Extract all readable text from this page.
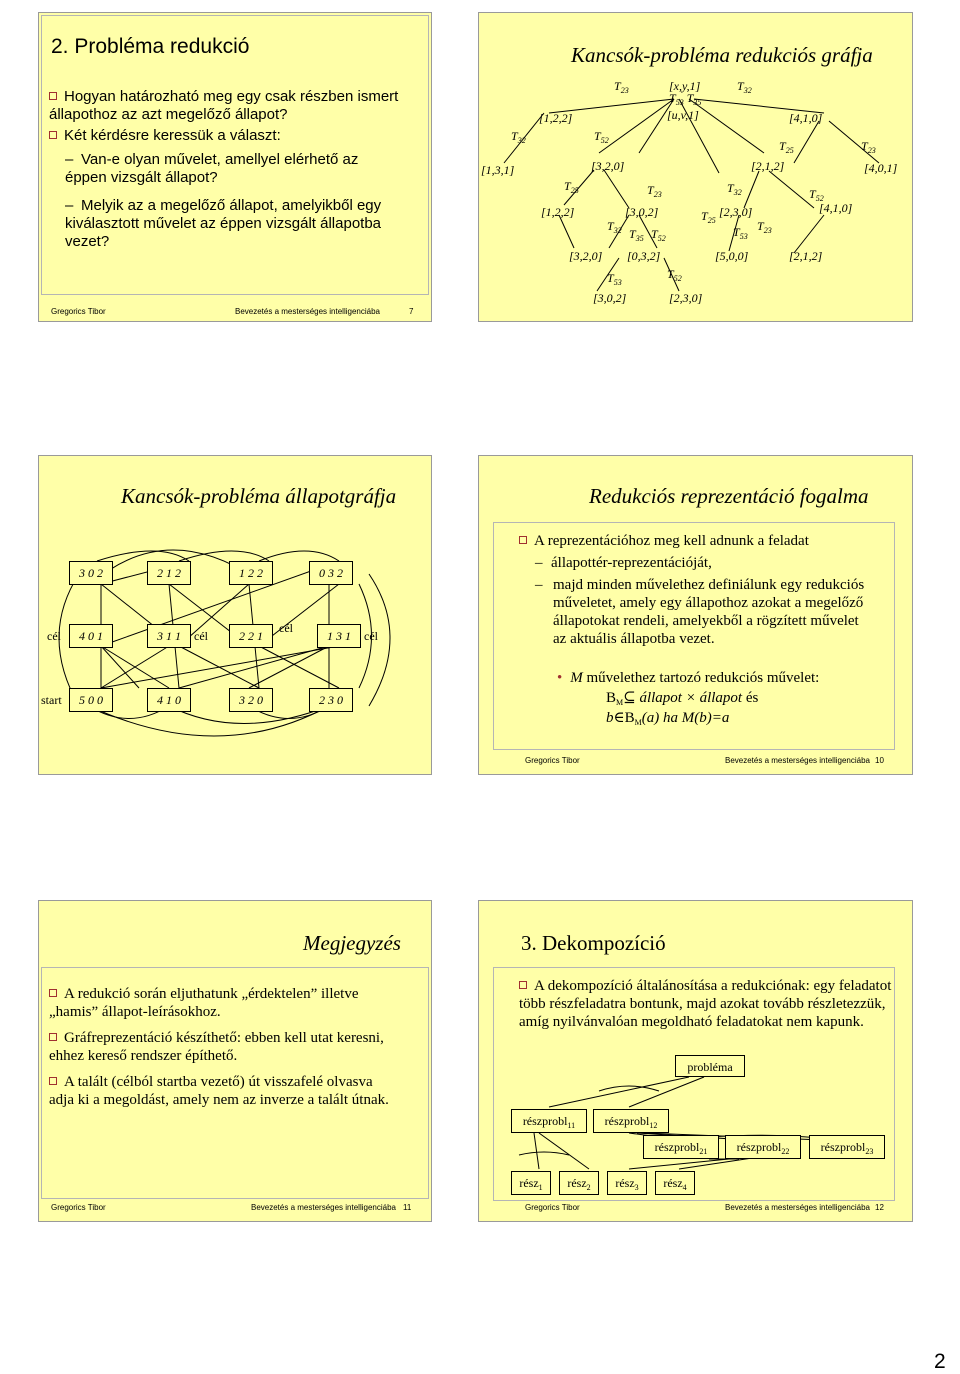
2. Probléma redukció
Hogyan határozható meg egy csak részben ismert állapothoz az azt megelőző állapot?
Két kérdésre keressük a választ:
– Van-e olyan művelet, amellyel elérhető az éppen vizsgált állapot?
– Melyik az a megelőző állapot, amelyikből egy kiválasztott művelet az éppen vizsgált állapotba vezet?
Gregorics Tibor	Bevezetés a mesterséges intelligenciába	7
Kancsók-probléma redukciós gráfja
[x,y,1]
[u,v,1]
[1,2,2]
[1,3,1]	[3,2,0]
[1,2,2]	[3,0,2]	[2,3,0]
[3,2,0] [0,3,2]	[5,0,0]
[3,0,2]	[2,3,0]
[2,1,2]
[4,1,0]
[4,0,1]
[4,1,0]
[2,1,2]
$T_{23}$	$T_{32}$
$T_{53}$ $T_{35}$
$T_{32}$	$T_{52}$
$T_{25}$	$T_{23}$
$T_{32}$ $T_{35}$ $T_{52}$
$T_{53}$
$T_{52}$
$T_{25}$
$T_{53}$
$T_{32}$
$T_{23}$
$T_{25}$
$T_{52}$
$T_{23}$
Kancsók-probléma állapotgráfja
3 0 2	2 1 2	1 2 2	0 3 2
4 0 1	3 1 1	2 2 1	1 3 1
5 0 0	4 1 0	3 2 0	2 3 0
cél	cél
cél
cél
start
Redukciós reprezentáció fogalma
A reprezentációhoz meg kell adnunk a feladat
– állapottér-reprezentációját,
– majd minden művelethez definiálunk egy redukciós műveletet, amely egy állapothoz azokat a megelőző állapotokat rendeli, amelyekből a rögzített művelet az aktuális állapotba vezet.
• M művelethez tartozó redukciós művelet:
$B_M⊆$ állapot × állapot és
$b\in B_M(a)$ ha M(b)=a
Gregorics Tibor	Bevezetés a mesterséges intelligenciába 10
Megjegyzés
A redukció során eljuthatunk „érdektelen” illetve „hamis” állapot-leírásokhoz.
Gráfreprezentáció készíthető: ebben kell utat keresni, ehhez kereső rendszer építhető.
A talált (célból startba vezető) út visszafelé olvasva adja ki a megoldást, amely nem az inverze a talált útnak.
Gregorics Tibor	Bevezetés a mesterséges intelligenciába 11
3. Dekompozíció
A dekompozíció általánosítása a redukciónak: egy feladatot több részfeladatra bontunk, majd azokat tovább részletezzük, amíg nyilvánvalóan megoldható feladatokat nem kapunk.
probléma
részprobl$_{11}$	részprobl$_{12}$
részprobl$_{21}$	részprobl$_{22}$	részprobl$_{23}$
rész$_1$	rész$_2$	rész$_3$	rész$_4$
Gregorics Tibor	Bevezetés a mesterséges intelligenciába 12
2
